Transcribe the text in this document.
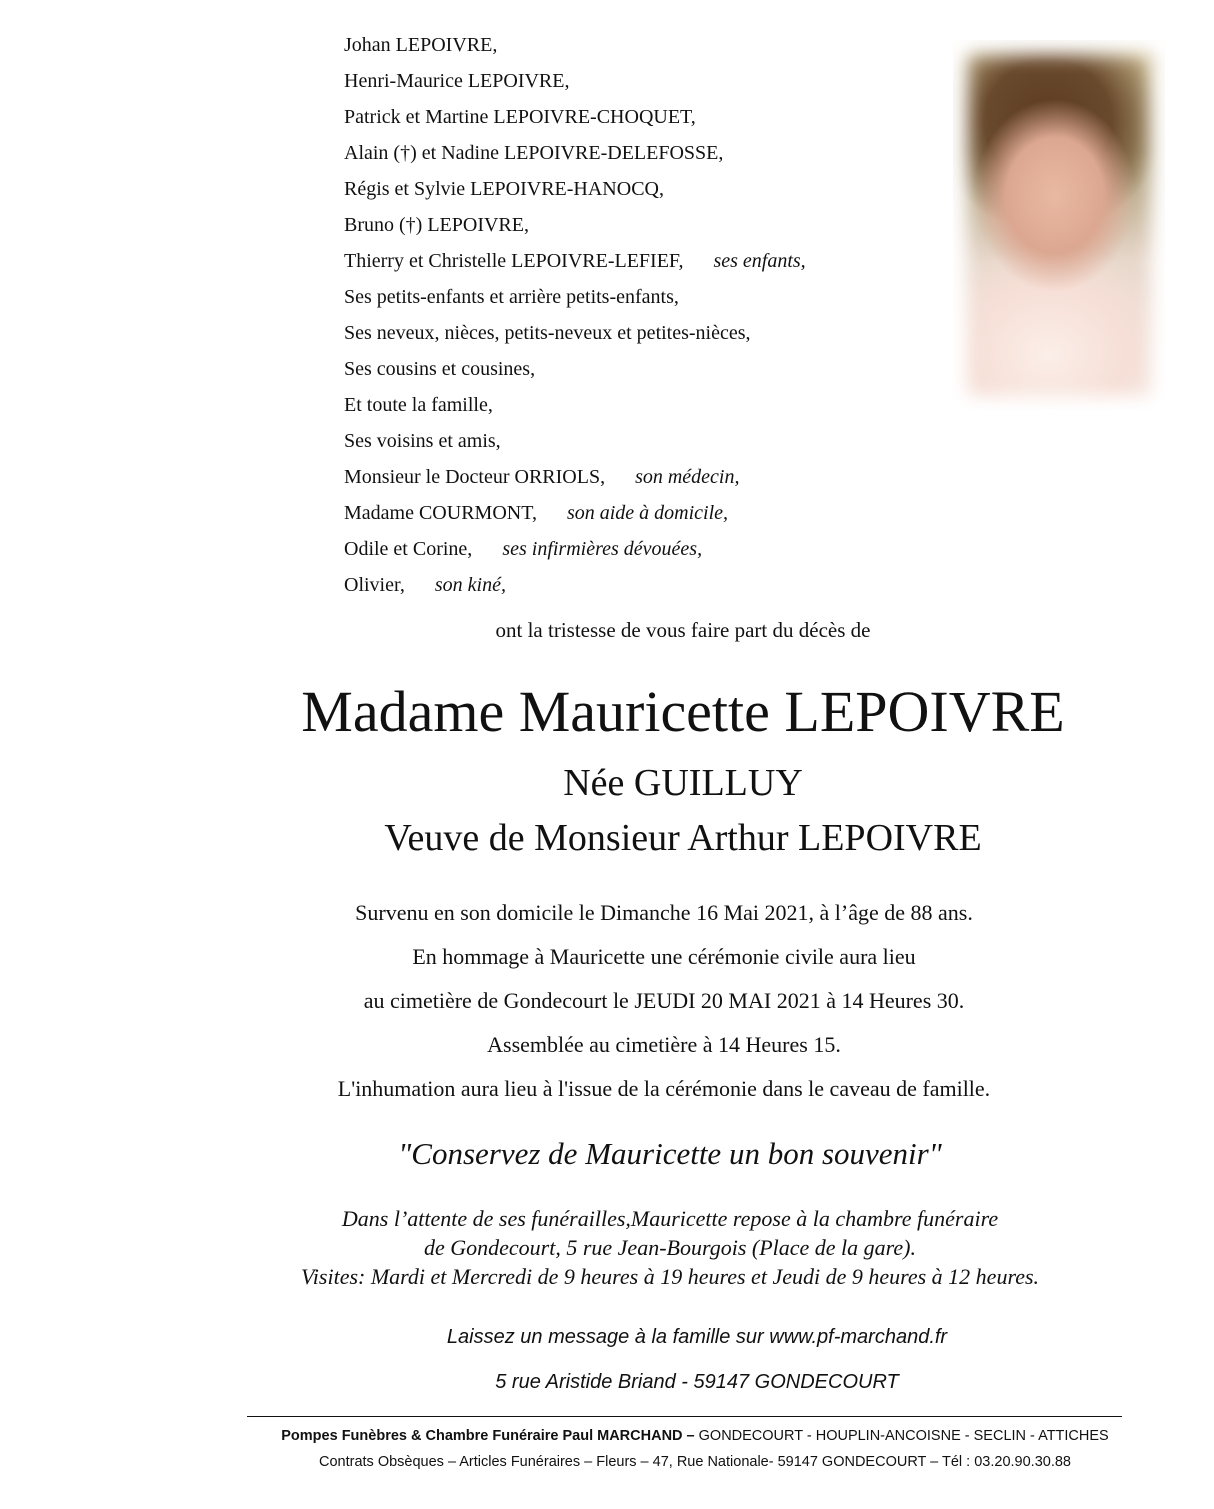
Johan LEPOIVRE,
Henri-Maurice LEPOIVRE,
Patrick et Martine LEPOIVRE-CHOQUET,
Alain (†) et Nadine LEPOIVRE-DELEFOSSE,
Régis et Sylvie LEPOIVRE-HANOCQ,
Bruno (†) LEPOIVRE,
Thierry et Christelle LEPOIVRE-LEFIEF, ses enfants,
Ses petits-enfants et arrière petits-enfants,
Ses neveux, nièces, petits-neveux et petites-nièces,
Ses cousins et cousines,
Et toute la famille,
Ses voisins et amis,
Monsieur le Docteur ORRIOLS, son médecin,
Madame COURMONT, son aide à domicile,
Odile et Corine, ses infirmières dévouées,
Olivier, son kiné,
ont la tristesse de vous faire part du décès de
Madame Mauricette LEPOIVRE
Née GUILLUY
Veuve de Monsieur Arthur LEPOIVRE
Survenu en son domicile le Dimanche 16 Mai 2021, à l’âge de 88 ans.
En hommage à Mauricette une cérémonie civile aura lieu
au cimetière de Gondecourt le JEUDI 20 MAI 2021 à 14 Heures 30.
Assemblée au cimetière à 14 Heures 15.
L'inhumation aura lieu à l'issue de la cérémonie dans le caveau de famille.
"Conservez de Mauricette un bon souvenir"
Dans l’attente de ses funérailles,Mauricette repose à la chambre funéraire
de Gondecourt, 5 rue Jean-Bourgois (Place de la gare).
Visites: Mardi et Mercredi de 9 heures à 19 heures et Jeudi de 9 heures à 12 heures.
Laissez un message à la famille sur www.pf-marchand.fr
5 rue Aristide Briand - 59147 GONDECOURT
Pompes Funèbres & Chambre Funéraire Paul MARCHAND – GONDECOURT - HOUPLIN-ANCOISNE - SECLIN - ATTICHES
Contrats Obsèques – Articles Funéraires – Fleurs – 47, Rue Nationale- 59147 GONDECOURT – Tél : 03.20.90.30.88
